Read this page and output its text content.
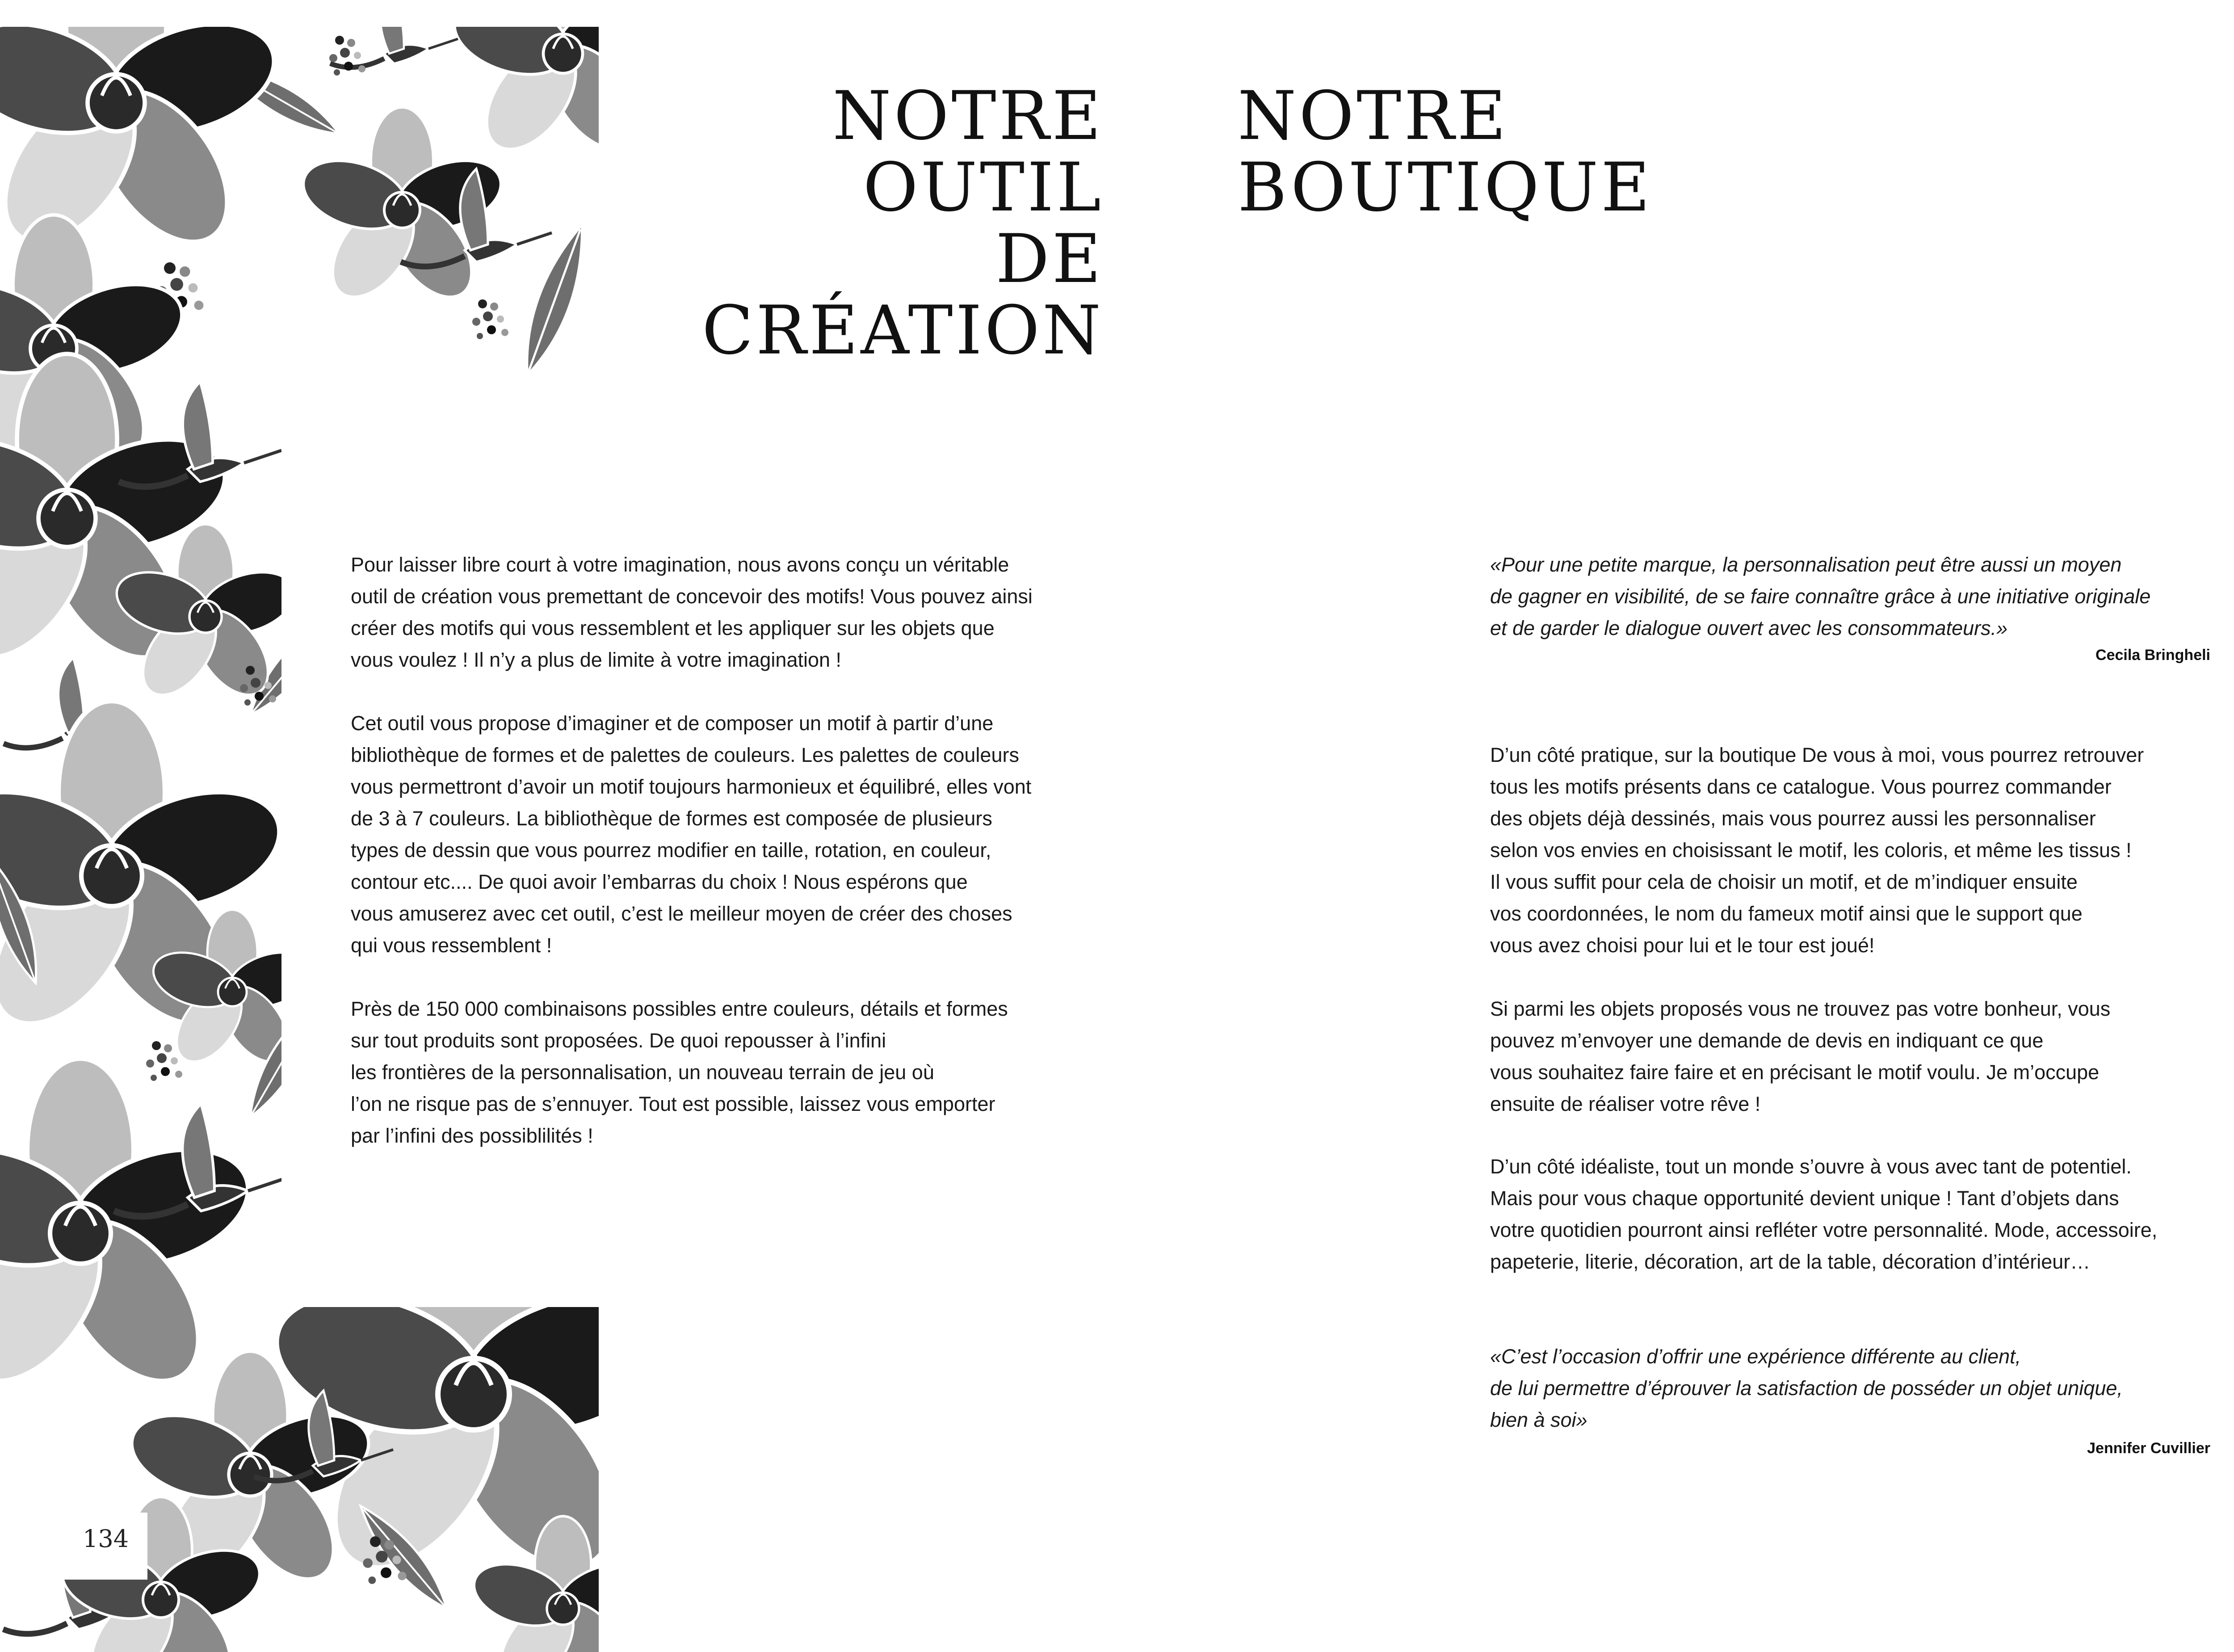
134
NOTRE OUTIL
DE CRÉATION
NOTRE BOUTIQUE

Pour laisser libre court à votre imagination, nous avons conçu un véritable
outil de création vous premettant de concevoir des motifs! Vous pouvez ainsi
créer des motifs qui vous ressemblent et les appliquer sur les objets que
vous voulez ! Il n’y a plus de limite à votre imagination !

Cet outil vous propose d’imaginer et de composer un motif à partir d’une
bibliothèque de formes et de palettes de couleurs. Les palettes de couleurs
vous permettront d’avoir un motif toujours harmonieux et équilibré, elles vont
de 3 à 7 couleurs. La bibliothèque de formes est composée de plusieurs
types de dessin que vous pourrez modifier en taille, rotation, en couleur,
contour etc.... De quoi avoir l’embarras du choix ! Nous espérons que
vous amuserez avec cet outil, c’est le meilleur moyen de créer des choses
qui vous ressemblent !

Près de 150 000 combinaisons possibles entre couleurs, détails et formes
sur tout produits sont proposées. De quoi repousser à l’infini
les frontières de la personnalisation, un nouveau terrain de jeu où
l’on ne risque pas de s’ennuyer. Tout est possible, laissez vous emporter
par l’infini des possiblilités !

«Pour une petite marque, la personnalisation peut être aussi un moyen
de gagner en visibilité, de se faire connaître grâce à une initiative originale
et de garder le dialogue ouvert avec les consommateurs.»

Cecila Bringheli

D’un côté pratique, sur la boutique De vous à moi, vous pourrez retrouver
tous les motifs présents dans ce catalogue. Vous pourrez commander
des objets déjà dessinés, mais vous pourrez aussi les personnaliser
selon vos envies en choisissant le motif, les coloris, et même les tissus !
Il vous suffit pour cela de choisir un motif, et de m’indiquer ensuite
vos coordonnées, le nom du fameux motif ainsi que le support que
vous avez choisi pour lui et le tour est joué!

Si parmi les objets proposés vous ne trouvez pas votre bonheur, vous
pouvez m’envoyer une demande de devis en indiquant ce que
vous souhaitez faire faire et en précisant le motif voulu. Je m’occupe
ensuite de réaliser votre rêve !

D’un côté idéaliste, tout un monde s’ouvre à vous avec tant de potentiel.
Mais pour vous chaque opportunité devient unique ! Tant d’objets dans
votre quotidien pourront ainsi refléter votre personnalité. Mode, accessoire,
papeterie, literie, décoration, art de la table, décoration d’intérieur…

«C’est l’occasion d’offrir une expérience différente au client,
de lui permettre d’éprouver la satisfaction de posséder un objet unique,
bien à soi»

Jennifer Cuvillier
